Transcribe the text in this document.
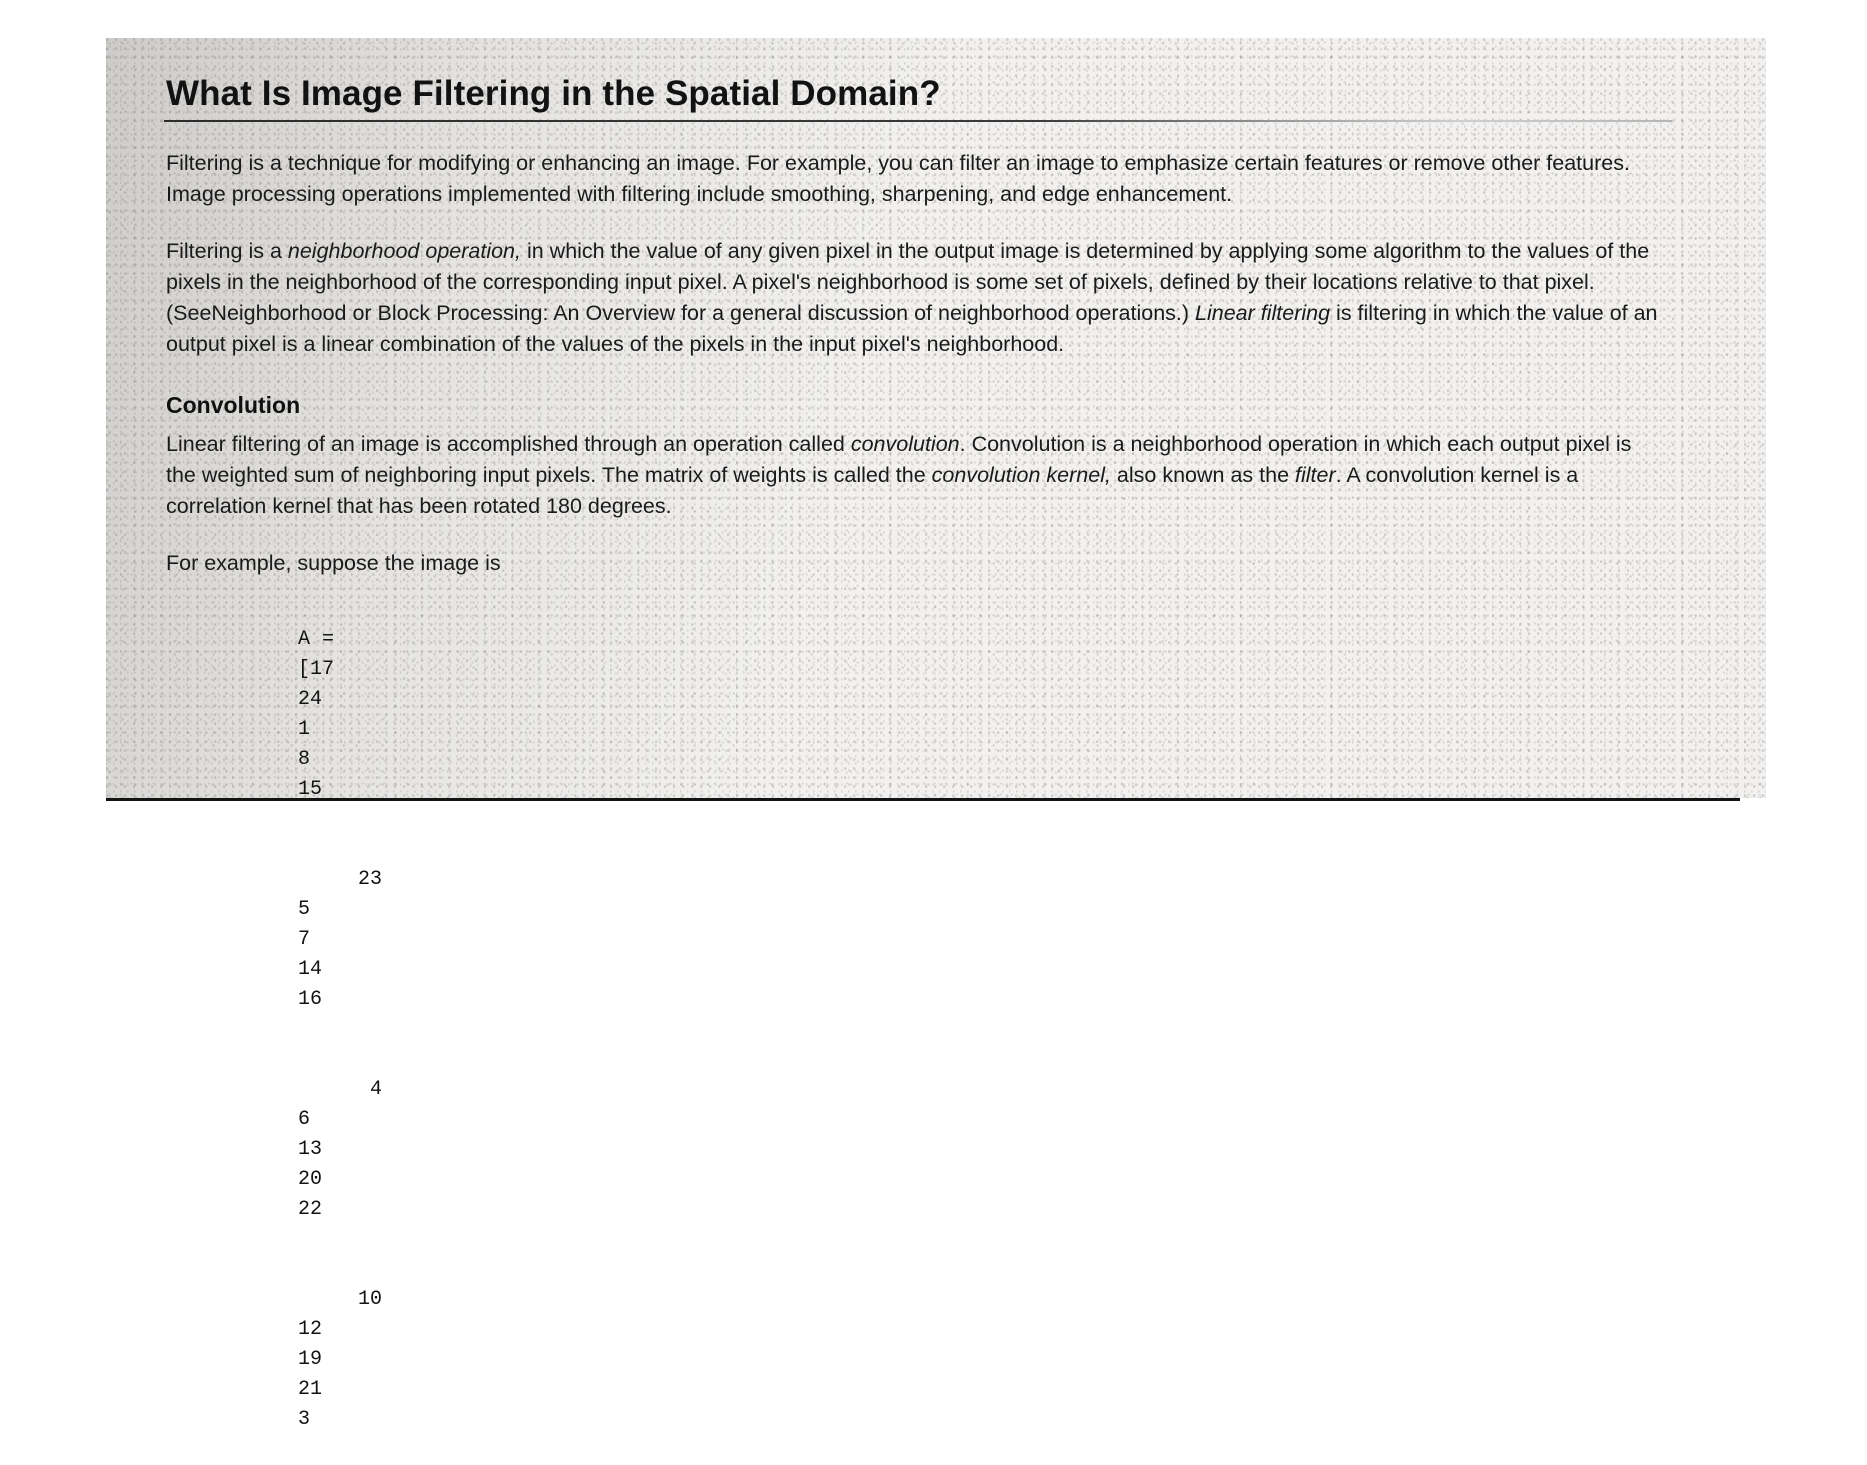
What Is Image Filtering in the Spatial Domain?

Filtering is a technique for modifying or enhancing an image. For example, you can filter an image to emphasize certain features or remove other features. Image processing operations implemented with filtering include smoothing, sharpening, and edge enhancement.

Filtering is a neighborhood operation, in which the value of any given pixel in the output image is determined by applying some algorithm to the values of the pixels in the neighborhood of the corresponding input pixel. A pixel's neighborhood is some set of pixels, defined by their locations relative to that pixel. (SeeNeighborhood or Block Processing: An Overview for a general discussion of neighborhood operations.) Linear filtering is filtering in which the value of an output pixel is a linear combination of the values of the pixels in the input pixel's neighborhood.

Convolution

Linear filtering of an image is accomplished through an operation called convolution. Convolution is a neighborhood operation in which each output pixel is the weighted sum of neighboring input pixels. The matrix of weights is called the convolution kernel, also known as the filter. A convolution kernel is a correlation kernel that has been rotated 180 degrees.

For example, suppose the image is

A =
[17
24
1
8
15

23
5
7
14
16

4
6
13
20
22

10
12
19
21
3
